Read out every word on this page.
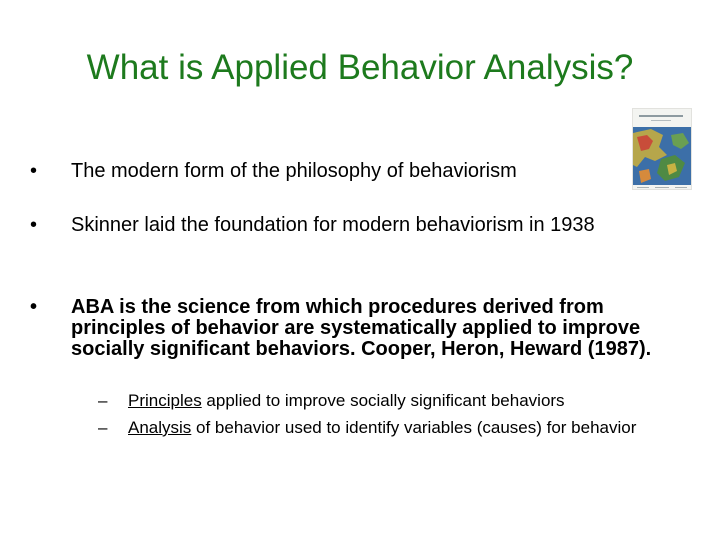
What is Applied Behavior Analysis?
• The modern form of the philosophy of behaviorism
• Skinner laid the foundation for modern behaviorism in 1938
• ABA is the science from which procedures derived from principles of behavior are systematically applied to improve socially significant behaviors. Cooper, Heron, Heward (1987).
– Principles applied to improve socially significant behaviors
– Analysis of behavior used to identify variables (causes) for behavior
